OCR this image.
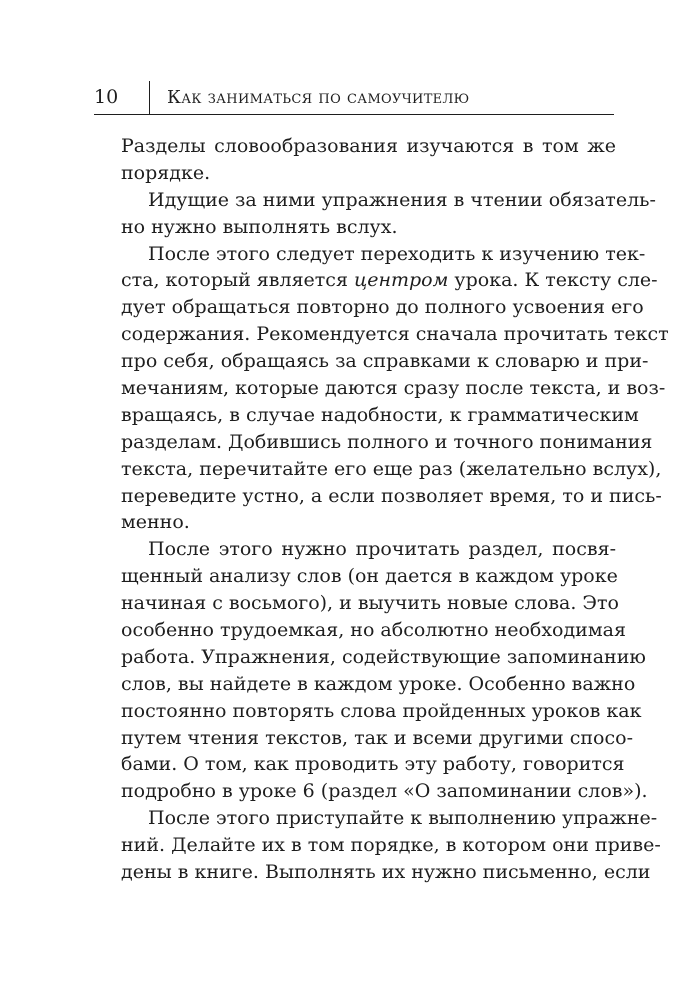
10	Как заниматься по самоучителю
Разделы словообразования изучаются в том же
порядке.
Идущие за ними упражнения в чтении обязатель-
но нужно выполнять вслух.
После этого следует переходить к изучению тек-
ста, который является центром урока. К тексту сле-
дует обращаться повторно до полного усвоения его
содержания. Рекомендуется сначала прочитать текст
про себя, обращаясь за справками к словарю и при-
мечаниям, которые даются сразу после текста, и воз-
вращаясь, в случае надобности, к грамматическим
разделам. Добившись полного и точного понимания
текста, перечитайте его еще раз (желательно вслух),
переведите устно, а если позволяет время, то и пись-
менно.
После этого нужно прочитать раздел, посвя-
щенный анализу слов (он дается в каждом уроке
начиная с восьмого), и выучить новые слова. Это
особенно трудоемкая, но абсолютно необходимая
работа. Упражнения, содействующие запоминанию
слов, вы найдете в каждом уроке. Особенно важно
постоянно повторять слова пройденных уроков как
путем чтения текстов, так и всеми другими спосо-
бами. О том, как проводить эту работу, говорится
подробно в уроке 6 (раздел «О запоминании слов»).
После этого приступайте к выполнению упражне-
ний. Делайте их в том порядке, в котором они приве-
дены в книге. Выполнять их нужно письменно, если
